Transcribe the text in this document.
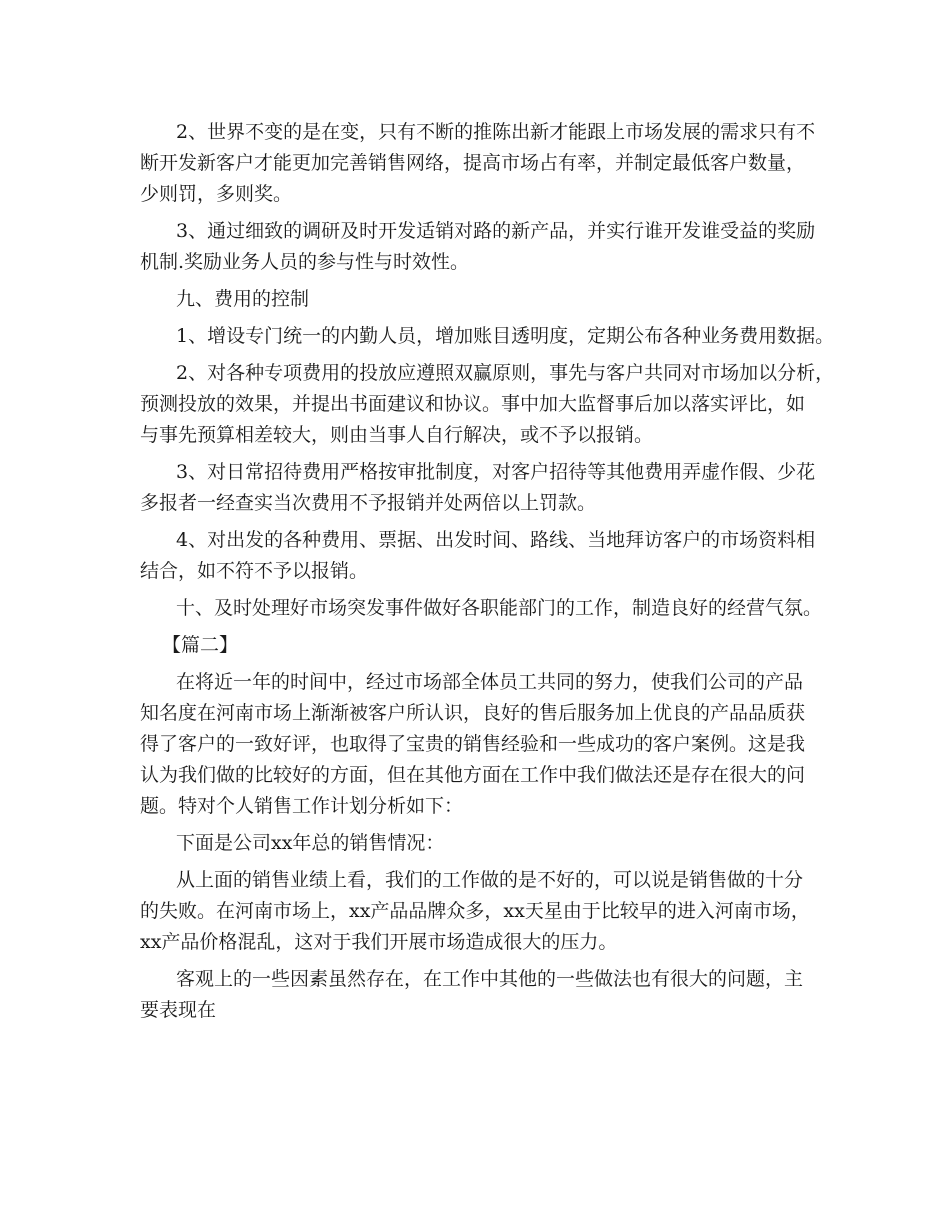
2、世界不变的是在变，只有不断的推陈出新才能跟上市场发展的需求只有不
断开发新客户才能更加完善销售网络，提高市场占有率，并制定最低客户数量，
少则罚，多则奖。
3、通过细致的调研及时开发适销对路的新产品，并实行谁开发谁受益的奖励
机制.奖励业务人员的参与性与时效性。
九、费用的控制
1、增设专门统一的内勤人员，增加账目透明度，定期公布各种业务费用数据。
2、对各种专项费用的投放应遵照双赢原则，事先与客户共同对市场加以分析，
预测投放的效果，并提出书面建议和协议。事中加大监督事后加以落实评比，如
与事先预算相差较大，则由当事人自行解决，或不予以报销。
3、对日常招待费用严格按审批制度，对客户招待等其他费用弄虚作假、少花
多报者一经查实当次费用不予报销并处两倍以上罚款。
4、对出发的各种费用、票据、出发时间、路线、当地拜访客户的市场资料相
结合，如不符不予以报销。
十、及时处理好市场突发事件做好各职能部门的工作，制造良好的经营气氛。
【篇二】
在将近一年的时间中，经过市场部全体员工共同的努力，使我们公司的产品
知名度在河南市场上渐渐被客户所认识，良好的售后服务加上优良的产品品质获
得了客户的一致好评，也取得了宝贵的销售经验和一些成功的客户案例。这是我
认为我们做的比较好的方面，但在其他方面在工作中我们做法还是存在很大的问
题。特对个人销售工作计划分析如下：
下面是公司xx年总的销售情况：
从上面的销售业绩上看，我们的工作做的是不好的，可以说是销售做的十分
的失败。在河南市场上，xx产品品牌众多，xx天星由于比较早的进入河南市场，
xx产品价格混乱，这对于我们开展市场造成很大的压力。
客观上的一些因素虽然存在，在工作中其他的一些做法也有很大的问题，主
要表现在
